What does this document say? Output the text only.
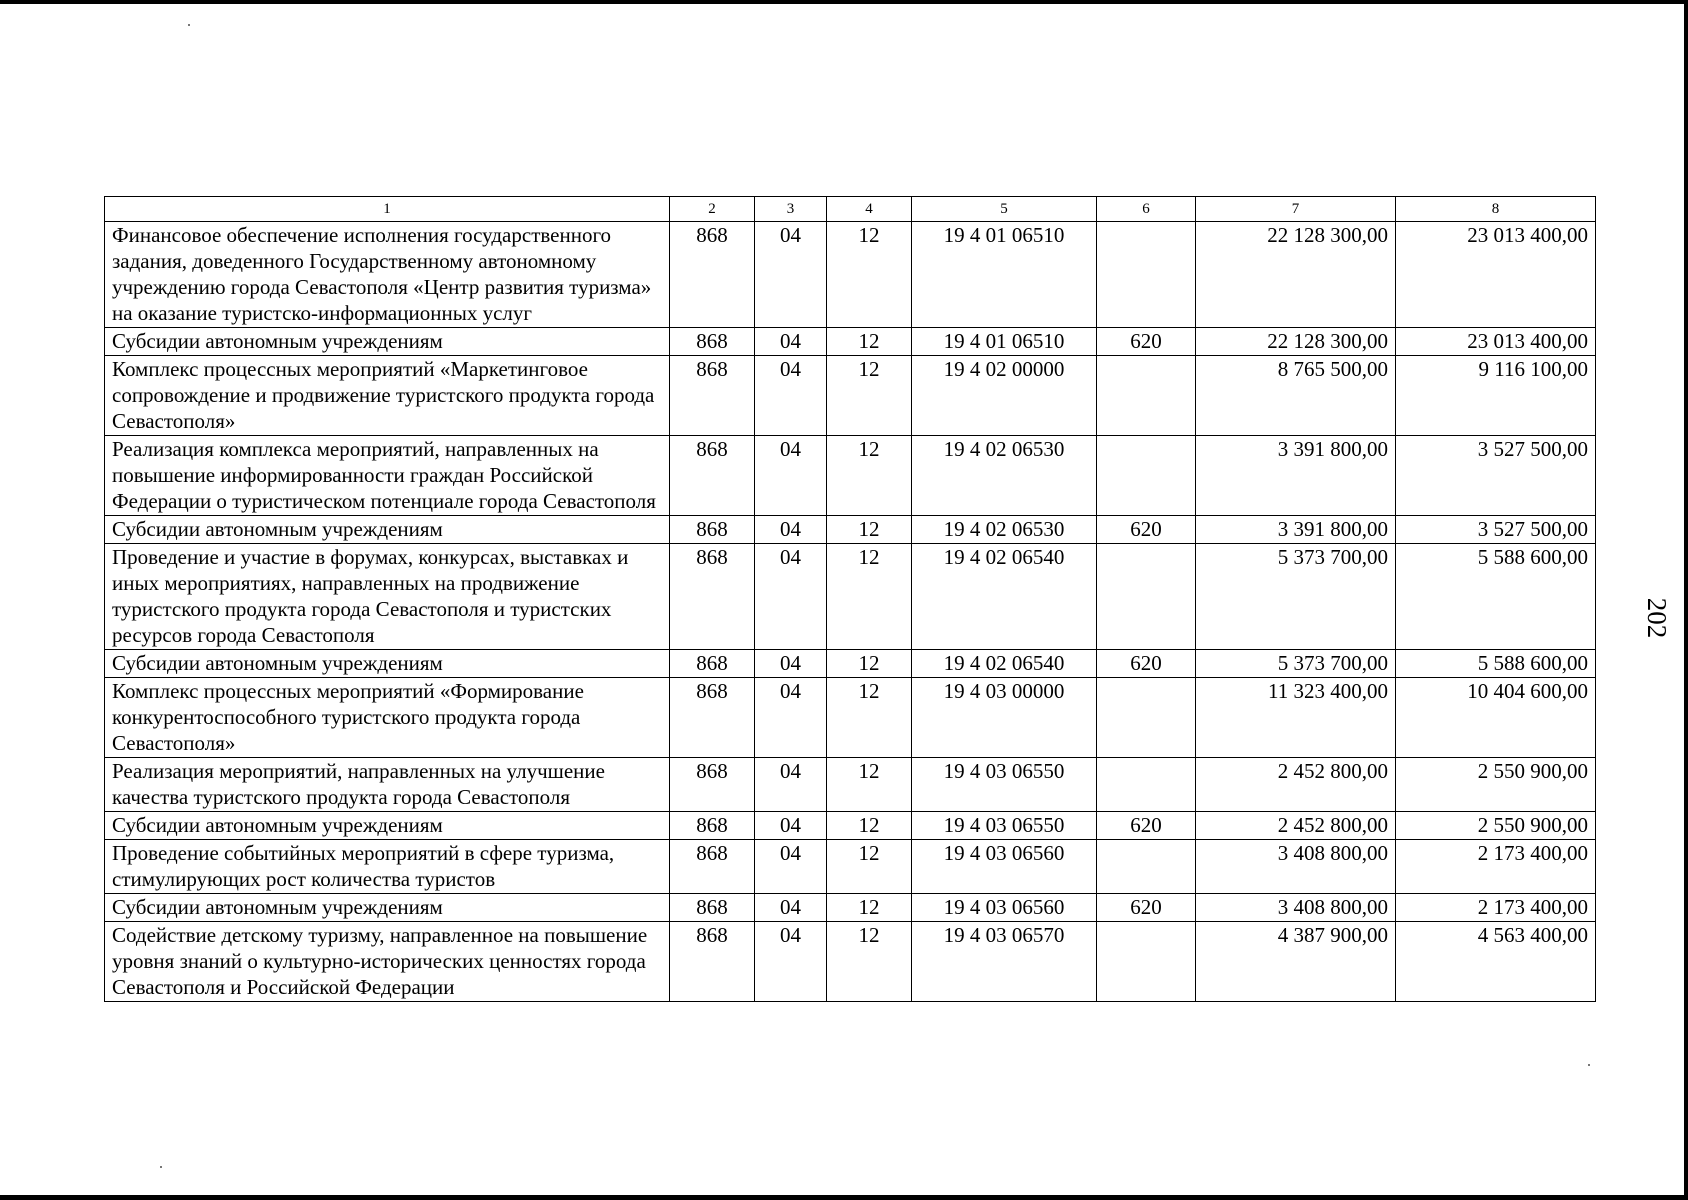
1	2	3	4	5	6	7	8
Финансовое обеспечение исполнения государственного задания, доведенного Государственному автономному учреждению города Севастополя «Центр развития туризма» на оказание туристско-информационных услуг	868	04	12	19 4 01 06510		22 128 300,00	23 013 400,00
Субсидии автономным учреждениям	868	04	12	19 4 01 06510	620	22 128 300,00	23 013 400,00
Комплекс процессных мероприятий «Маркетинговое сопровождение и продвижение туристского продукта города Севастополя»	868	04	12	19 4 02 00000		8 765 500,00	9 116 100,00
Реализация комплекса мероприятий, направленных на повышение информированности граждан Российской Федерации о туристическом потенциале города Севастополя	868	04	12	19 4 02 06530		3 391 800,00	3 527 500,00
Субсидии автономным учреждениям	868	04	12	19 4 02 06530	620	3 391 800,00	3 527 500,00
Проведение и участие в форумах, конкурсах, выставках и иных мероприятиях, направленных на продвижение туристского продукта города Севастополя и туристских ресурсов города Севастополя	868	04	12	19 4 02 06540		5 373 700,00	5 588 600,00
Субсидии автономным учреждениям	868	04	12	19 4 02 06540	620	5 373 700,00	5 588 600,00
Комплекс процессных мероприятий «Формирование конкурентоспособного туристского продукта города Севастополя»	868	04	12	19 4 03 00000		11 323 400,00	10 404 600,00
Реализация мероприятий, направленных на улучшение качества туристского продукта города Севастополя	868	04	12	19 4 03 06550		2 452 800,00	2 550 900,00
Субсидии автономным учреждениям	868	04	12	19 4 03 06550	620	2 452 800,00	2 550 900,00
Проведение событийных мероприятий в сфере туризма, стимулирующих рост количества туристов	868	04	12	19 4 03 06560		3 408 800,00	2 173 400,00
Субсидии автономным учреждениям	868	04	12	19 4 03 06560	620	3 408 800,00	2 173 400,00
Содействие детскому туризму, направленное на повышение уровня знаний о культурно-исторических ценностях города Севастополя и Российской Федерации	868	04	12	19 4 03 06570		4 387 900,00	4 563 400,00
202
